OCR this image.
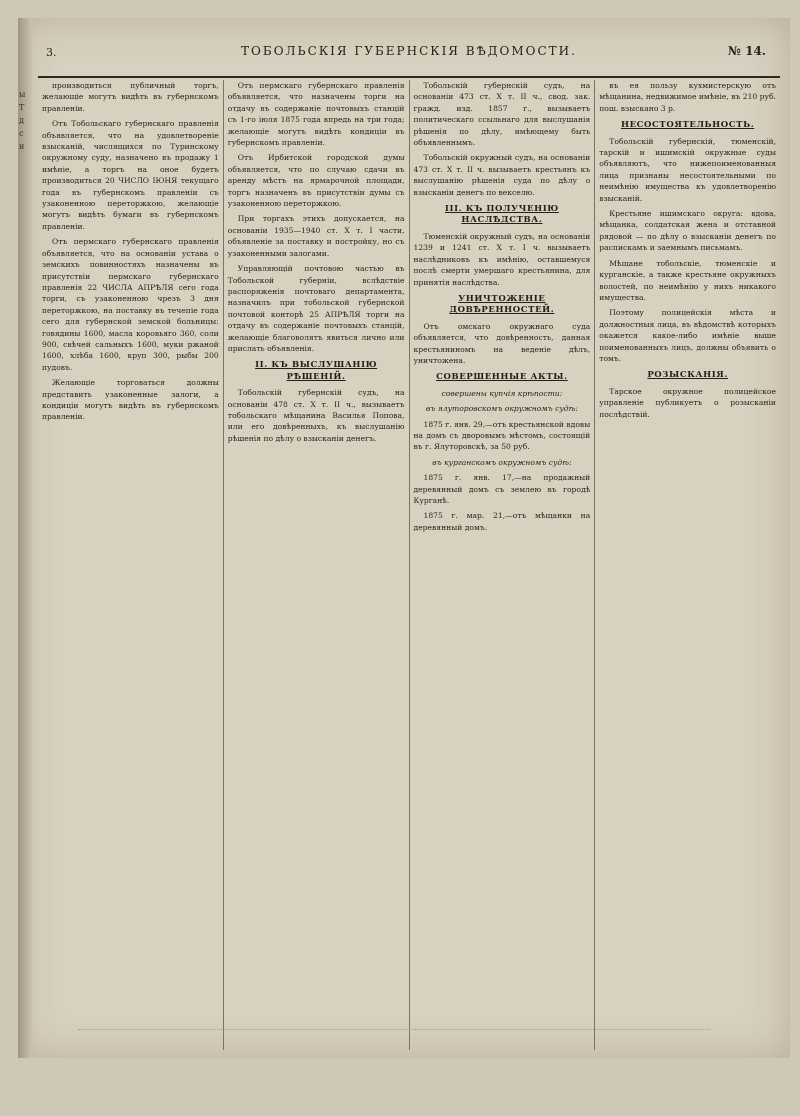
ы
Т
д
с
н
3.	ТОБОЛЬСКІЯ ГУБЕРНСКІЯ ВѢДОМОСТИ.	№ 14.

производиться публичный торгъ, желающіе могутъ видѣть въ губернскомъ правленіи.

Отъ Тобольскаго губернскаго правленія объявляется, что на удовлетвореніе взысканій, числящихся по Туринскому окружному суду, назначено въ продажу 1 имѣніе, а торгъ на оное будетъ производиться 20 ЧИСЛО ІЮНЯ текущаго года въ губернскомъ правленіи съ узаконенною переторжкою, желающіе могутъ видѣть бумаги въ губернскомъ правленіи.

Отъ пермскаго губернскаго правленія объявляется, что на основаніи устава о земскихъ повинностяхъ назначены въ присутствіи пермскаго губернскаго правленія 22 ЧИСЛА АПРѢЛЯ сего года торги, съ узаконенною чрезъ 3 дня переторжкою, на поставку въ течепіе года сего для губернской земской больницы: говядины 1600, масла коровьяго 360, соли 900, свѣчей сальныхъ 1600, муки ржаной 1600, хлѣба 1600, круп 300, рыбы 200 пудовъ.

Желающіе торговаться должны представить узаконенные залоги, а кондиціи могутъ видѣть въ губернскомъ правленіи.

Отъ пермскаго губернскаго правленія объявляется, что назначены торги на отдачу въ содержаніе почтовыхъ станцій съ 1-го іюля 1875 года впредь на три года; желающіе могутъ видѣть кондиціи въ губернскомъ правленіи.

Отъ Ирбитской городской думы объявляется, что по случаю сдачи въ аренду мѣстъ на ярмарочной площади, торгъ назначенъ въ присутствіи думы съ узаконенною переторжкою.

При торгахъ этихъ допускается, на основаніи 1935—1940 ст. X т. I части, объявленіе за поставку и постройку, но съ узаконенными залогами.

Управляющій почтовою частью въ Тобольской губерніи, вслѣдствіе распоряженія почтоваго департамента, назначилъ при тобольской губернской почтовой конторѣ 25 АПРѢЛЯ торги на отдачу въ содержаніе почтовыхъ станцій, желающіе благоволятъ явиться лично или прислать объявленія.

II. КЪ ВЫСЛУШАНІЮ РѢШЕНІЙ.

Тобольскій губернскій судъ, на основаніи 478 ст. X т. II ч., вызываетъ тобольскаго мѣщанина Василья Попова, или его довѣренныхъ, къ выслушанію рѣшенія по дѣлу о взысканіи денегъ.

Тобольскій губернскій судъ, на основаніи 473 ст. X т. II ч., свод. зак. гражд. изд. 1857 г., вызываетъ политическаго ссыльнаго для выслушанія рѣшенія по дѣлу, имѣющему быть объявленнымъ.

Тобольскій окружный судъ, на основаніи 473 ст. X т. II ч. вызываетъ крестьянъ къ выслушанію рѣшенія суда по дѣлу о взысканіи денегъ по векселю.

III. КЪ ПОЛУЧЕНІЮ НАСЛѢДСТВА.

Тюменскій окружный судъ, на основаніи 1239 и 1241 ст. X т. I ч. вызываетъ наслѣдниковъ къ имѣнію, оставшемуся послѣ смерти умершаго крестьянина, для принятія наслѣдства.

УНИЧТОЖЕНІЕ ДОВѢРЕННОСТЕЙ.

Отъ омскаго окружнаго суда объявляется, что довѣренность, данная крестьяниномъ на веденіе дѣлъ, уничтожена.

СОВЕРШЕННЫЕ АКТЫ.
совершены купчія крѣпости:
въ ялуторовскомъ окружномъ судѣ:

1875 г. янв. 29,—отъ крестьянской вдовы на домъ съ дворовымъ мѣстомъ, состоящій въ г. Ялуторовскѣ, за 50 руб.

въ курганскомъ окружномъ судѣ:

1875 г. янв. 17,—на продажный деревянный домъ съ землею въ городѣ Курганѣ.

1875 г. мар. 21,—отъ мѣщанки на деревянный домъ.

въ ея пользу кухмистерскую отъ мѣщанина, недвижимое имѣніе, въ 210 руб. пош. взыскано 3 р.

НЕСОСТОЯТЕЛЬНОСТЬ.

Тобольскій губернскій, тюменскій, тарскій и ишимскій окружные суды объявляютъ, что нижепоименованныя лица признаны несостоятельными по неимѣнію имущества къ удовлетворенію взысканій.

Крестьяне ишимскаго округа: вдова, мѣщанка, солдатская жена и отставной рядовой — по дѣлу о взысканіи денегъ по распискамъ и заемнымъ письмамъ.

Мѣщане тобольскіе, тюменскіе и курганскіе, а также крестьяне окружныхъ волостей, по неимѣнію у нихъ никакого имущества.

Поэтому полицейскія мѣста и должностныя лица, въ вѣдомствѣ которыхъ окажется какое-либо имѣніе выше поименованныхъ лицъ, должны объявить о томъ.

РОЗЫСКАНІЯ.

Тарское окружное полицейское управленіе публикуетъ о розысканіи послѣдствій.
